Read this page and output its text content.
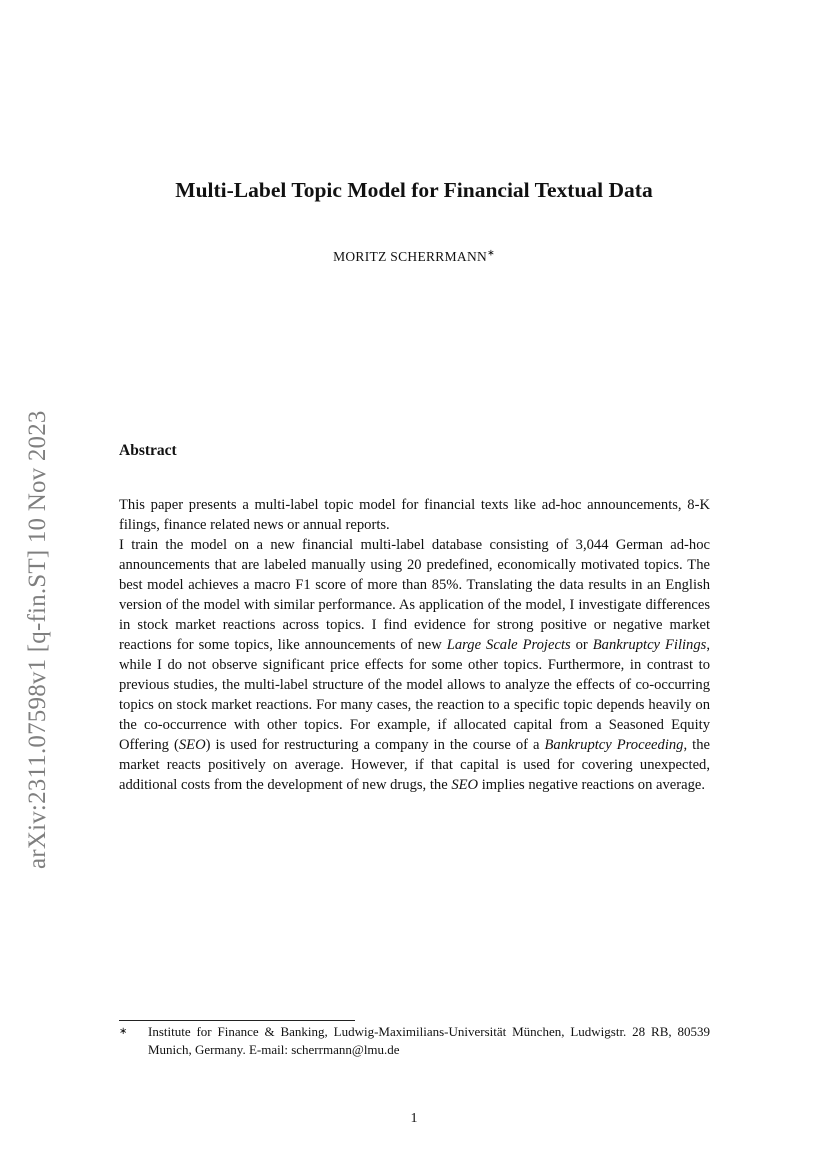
arXiv:2311.07598v1 [q-fin.ST] 10 Nov 2023
Multi-Label Topic Model for Financial Textual Data
MORITZ SCHERRMANN∗
Abstract

This paper presents a multi-label topic model for financial texts like ad-hoc announcements, 8-K filings, finance related news or annual reports.

I train the model on a new financial multi-label database consisting of 3,044 German ad-hoc announcements that are labeled manually using 20 predefined, economically motivated topics. The best model achieves a macro F1 score of more than 85%. Translating the data results in an English version of the model with similar performance. As application of the model, I investigate differences in stock market reactions across topics. I find evidence for strong positive or negative market reactions for some topics, like announcements of new Large Scale Projects or Bankruptcy Filings, while I do not observe significant price effects for some other topics. Furthermore, in contrast to previous studies, the multi-label structure of the model allows to analyze the effects of co-occurring topics on stock market reactions. For many cases, the reaction to a specific topic depends heavily on the co-occurrence with other topics. For example, if allocated capital from a Seasoned Equity Offering (SEO) is used for restructuring a company in the course of a Bankruptcy Proceeding, the market reacts positively on average. However, if that capital is used for covering unexpected, additional costs from the development of new drugs, the SEO implies negative reactions on average.

∗ Institute for Finance & Banking, Ludwig-Maximilians-Universität München, Ludwigstr. 28 RB, 80539 Munich, Germany. E-mail: scherrmann@lmu.de
1
